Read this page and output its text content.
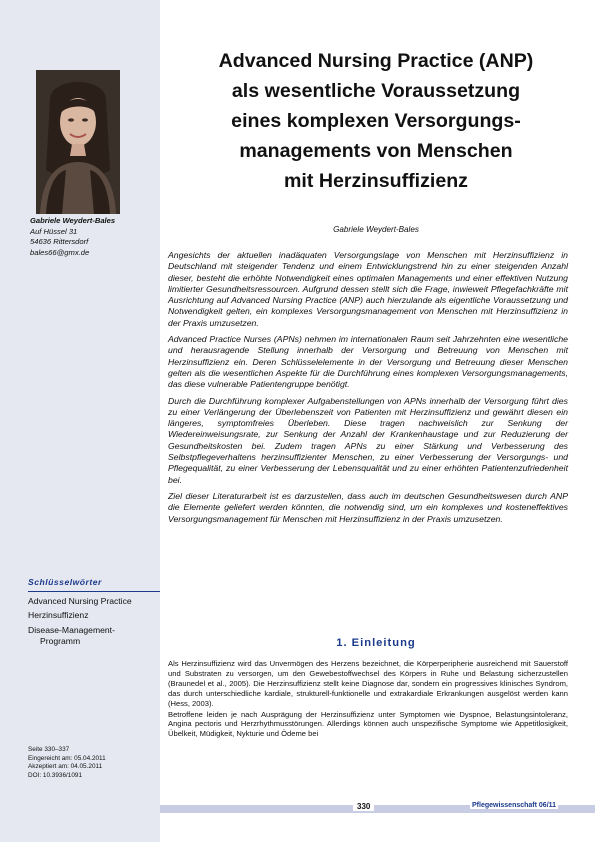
Gabriele Weydert-Bales
Auf Hüssel 31
54636 Rittersdorf
bales66@gmx.de
Schlüsselwörter
Advanced Nursing Practice
Herzinsuffizienz
Disease-Management-
Programm
Seite 330–337
Eingereicht am: 05.04.2011
Akzeptiert am: 04.05.2011
DOI: 10.3936/1091
Advanced Nursing Practice (ANP)
als wesentliche Voraussetzung
eines komplexen Versorgungs-
managements von Menschen
mit Herzinsuffizienz
Gabriele Weydert-Bales

Angesichts der aktuellen inadäquaten Versorgungslage von Menschen mit Herzinsuffizienz in Deutschland mit steigender Tendenz und einem Entwicklungstrend hin zu einer steigenden Anzahl dieser, besteht die erhöhte Notwendigkeit eines optimalen Managements und einer effektiven Nutzung limitierter Gesundheitsressourcen. Aufgrund dessen stellt sich die Frage, inwieweit Pflegefachkräfte mit Ausrichtung auf Advanced Nursing Practice (ANP) auch hierzulande als eigentliche Voraussetzung und Notwendigkeit gelten, ein komplexes Versorgungsmanagement von Menschen mit Herzinsuffizienz in der Praxis umzusetzen.

Advanced Practice Nurses (APNs) nehmen im internationalen Raum seit Jahrzehnten eine wesentliche und herausragende Stellung innerhalb der Versorgung und Betreuung von Menschen mit Herzinsuffizienz ein. Deren Schlüsselelemente in der Versorgung und Betreuung dieser Menschen gelten als die wesentlichen Aspekte für die Durchführung eines komplexen Versorgungsmanagements, das diese vulnerable Patientengruppe benötigt.

Durch die Durchführung komplexer Aufgabenstellungen von APNs innerhalb der Versorgung führt dies zu einer Verlängerung der Überlebenszeit von Patienten mit Herzinsuffizienz und gewährt diesen ein längeres, symptomfreies Überleben. Diese tragen nachweislich zur Senkung der Wiedereinweisungsrate, zur Senkung der Anzahl der Krankenhaustage und zur Reduzierung der Gesundheitskosten bei. Zudem tragen APNs zu einer Stärkung und Verbesserung des Selbstpflegeverhaltens herzinsuffizienter Menschen, zu einer Verbesserung der Versorgungs- und Pflegequalität, zu einer Verbesserung der Lebensqualität und zu einer erhöhten Patientenzufriedenheit bei.

Ziel dieser Literaturarbeit ist es darzustellen, dass auch im deutschen Gesundheitswesen durch ANP die Elemente geliefert werden könnten, die notwendig sind, um ein komplexes und kosteneffektives Versorgungsmanagement für Menschen mit Herzinsuffizienz in der Praxis umzusetzen.

1. Einleitung

Als Herzinsuffizienz wird das Unvermögen des Herzens bezeichnet, die Körperperipherie ausreichend mit Sauerstoff und Substraten zu versorgen, um den Gewebestoffwechsel des Körpers in Ruhe und Belastung sicherzustellen (Braunedel et al., 2005). Die Herzinsuffizienz stellt keine Diagnose dar, sondern ein progressives klinisches Syndrom, das durch unterschiedliche kardiale, strukturell-funktionelle und extrakardiale Erkrankungen ausgelöst werden kann (Hess, 2003).

Betroffene leiden je nach Ausprägung der Herzinsuffizienz unter Symptomen wie Dyspnoe, Belastungsintoleranz, Angina pectoris und Herzrhythmusstörungen. Allerdings können auch unspezifische Symptome wie Appetitlosigkeit, Übelkeit, Müdigkeit, Nykturie und Ödeme bei

330	Pflegewissenschaft 06/11
